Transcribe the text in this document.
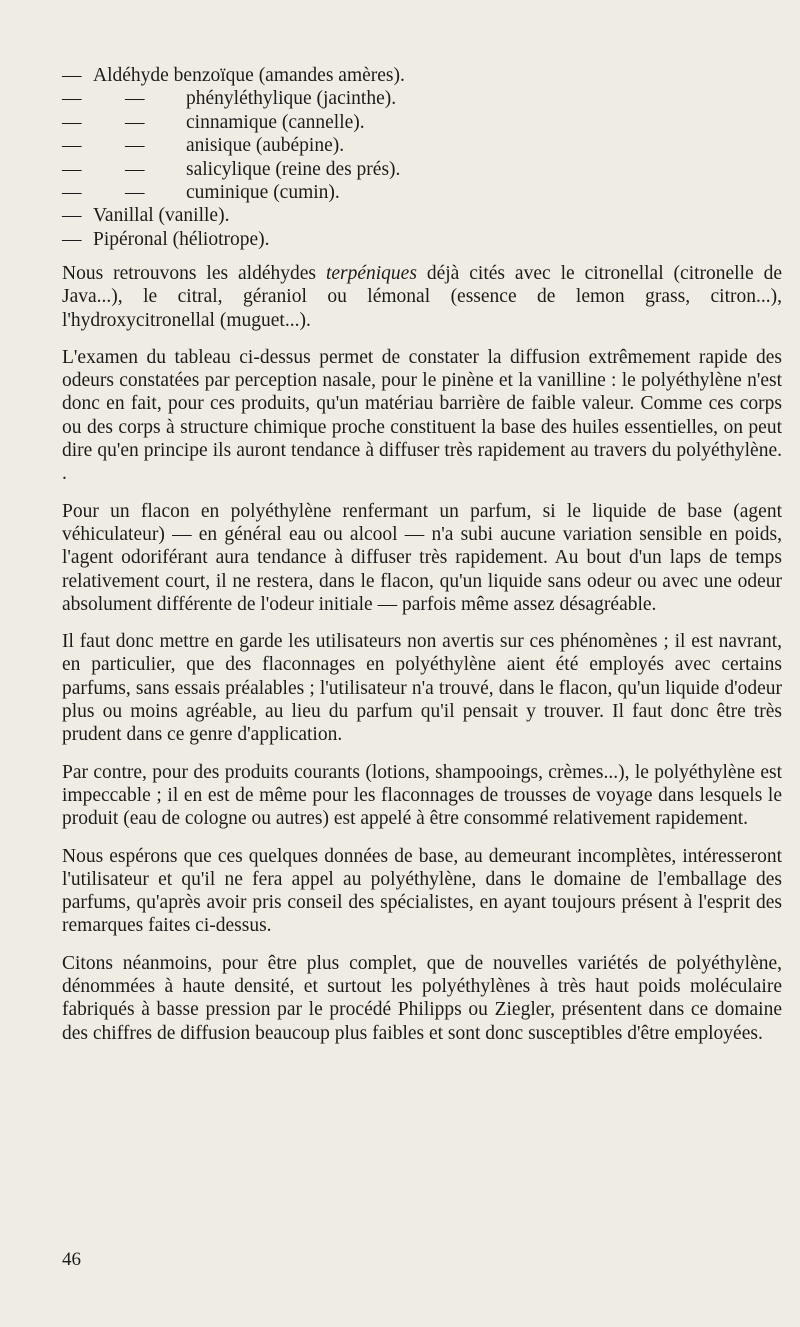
— Aldéhyde benzoïque (amandes amères).
— — phényléthylique (jacinthe).
— — cinnamique (cannelle).
— — anisique (aubépine).
— — salicylique (reine des prés).
— — cuminique (cumin).
— Vanillal (vanille).
— Pipéronal (héliotrope).

Nous retrouvons les aldéhydes terpéniques déjà cités avec le citronellal (citronelle de Java...), le citral, géraniol ou lémonal (essence de lemon grass, citron...), l'hydroxycitronellal (muguet...).

L'examen du tableau ci-dessus permet de constater la diffusion extrêmement rapide des odeurs constatées par perception nasale, pour le pinène et la vanilline : le polyéthylène n'est donc en fait, pour ces produits, qu'un matériau barrière de faible valeur. Comme ces corps ou des corps à structure chimique proche constituent la base des huiles essentielles, on peut dire qu'en principe ils auront tendance à diffuser très rapidement au travers du polyéthylène. .

Pour un flacon en polyéthylène renfermant un parfum, si le liquide de base (agent véhiculateur) — en général eau ou alcool — n'a subi aucune variation sensible en poids, l'agent odoriférant aura tendance à diffuser très rapidement. Au bout d'un laps de temps relativement court, il ne restera, dans le flacon, qu'un liquide sans odeur ou avec une odeur absolument différente de l'odeur initiale — parfois même assez désagréable.

Il faut donc mettre en garde les utilisateurs non avertis sur ces phénomènes ; il est navrant, en particulier, que des flaconnages en polyéthylène aient été employés avec certains parfums, sans essais préalables ; l'utilisateur n'a trouvé, dans le flacon, qu'un liquide d'odeur plus ou moins agréable, au lieu du parfum qu'il pensait y trouver. Il faut donc être très prudent dans ce genre d'application.

Par contre, pour des produits courants (lotions, shampooings, crèmes...), le polyéthylène est impeccable ; il en est de même pour les flaconnages de trousses de voyage dans lesquels le produit (eau de cologne ou autres) est appelé à être consommé relativement rapidement.

Nous espérons que ces quelques données de base, au demeurant incomplètes, intéresseront l'utilisateur et qu'il ne fera appel au polyéthylène, dans le domaine de l'emballage des parfums, qu'après avoir pris conseil des spécialistes, en ayant toujours présent à l'esprit des remarques faites ci-dessus.

Citons néanmoins, pour être plus complet, que de nouvelles variétés de polyéthylène, dénommées à haute densité, et surtout les polyéthylènes à très haut poids moléculaire fabriqués à basse pression par le procédé Philipps ou Ziegler, présentent dans ce domaine des chiffres de diffusion beaucoup plus faibles et sont donc susceptibles d'être employées.

46
